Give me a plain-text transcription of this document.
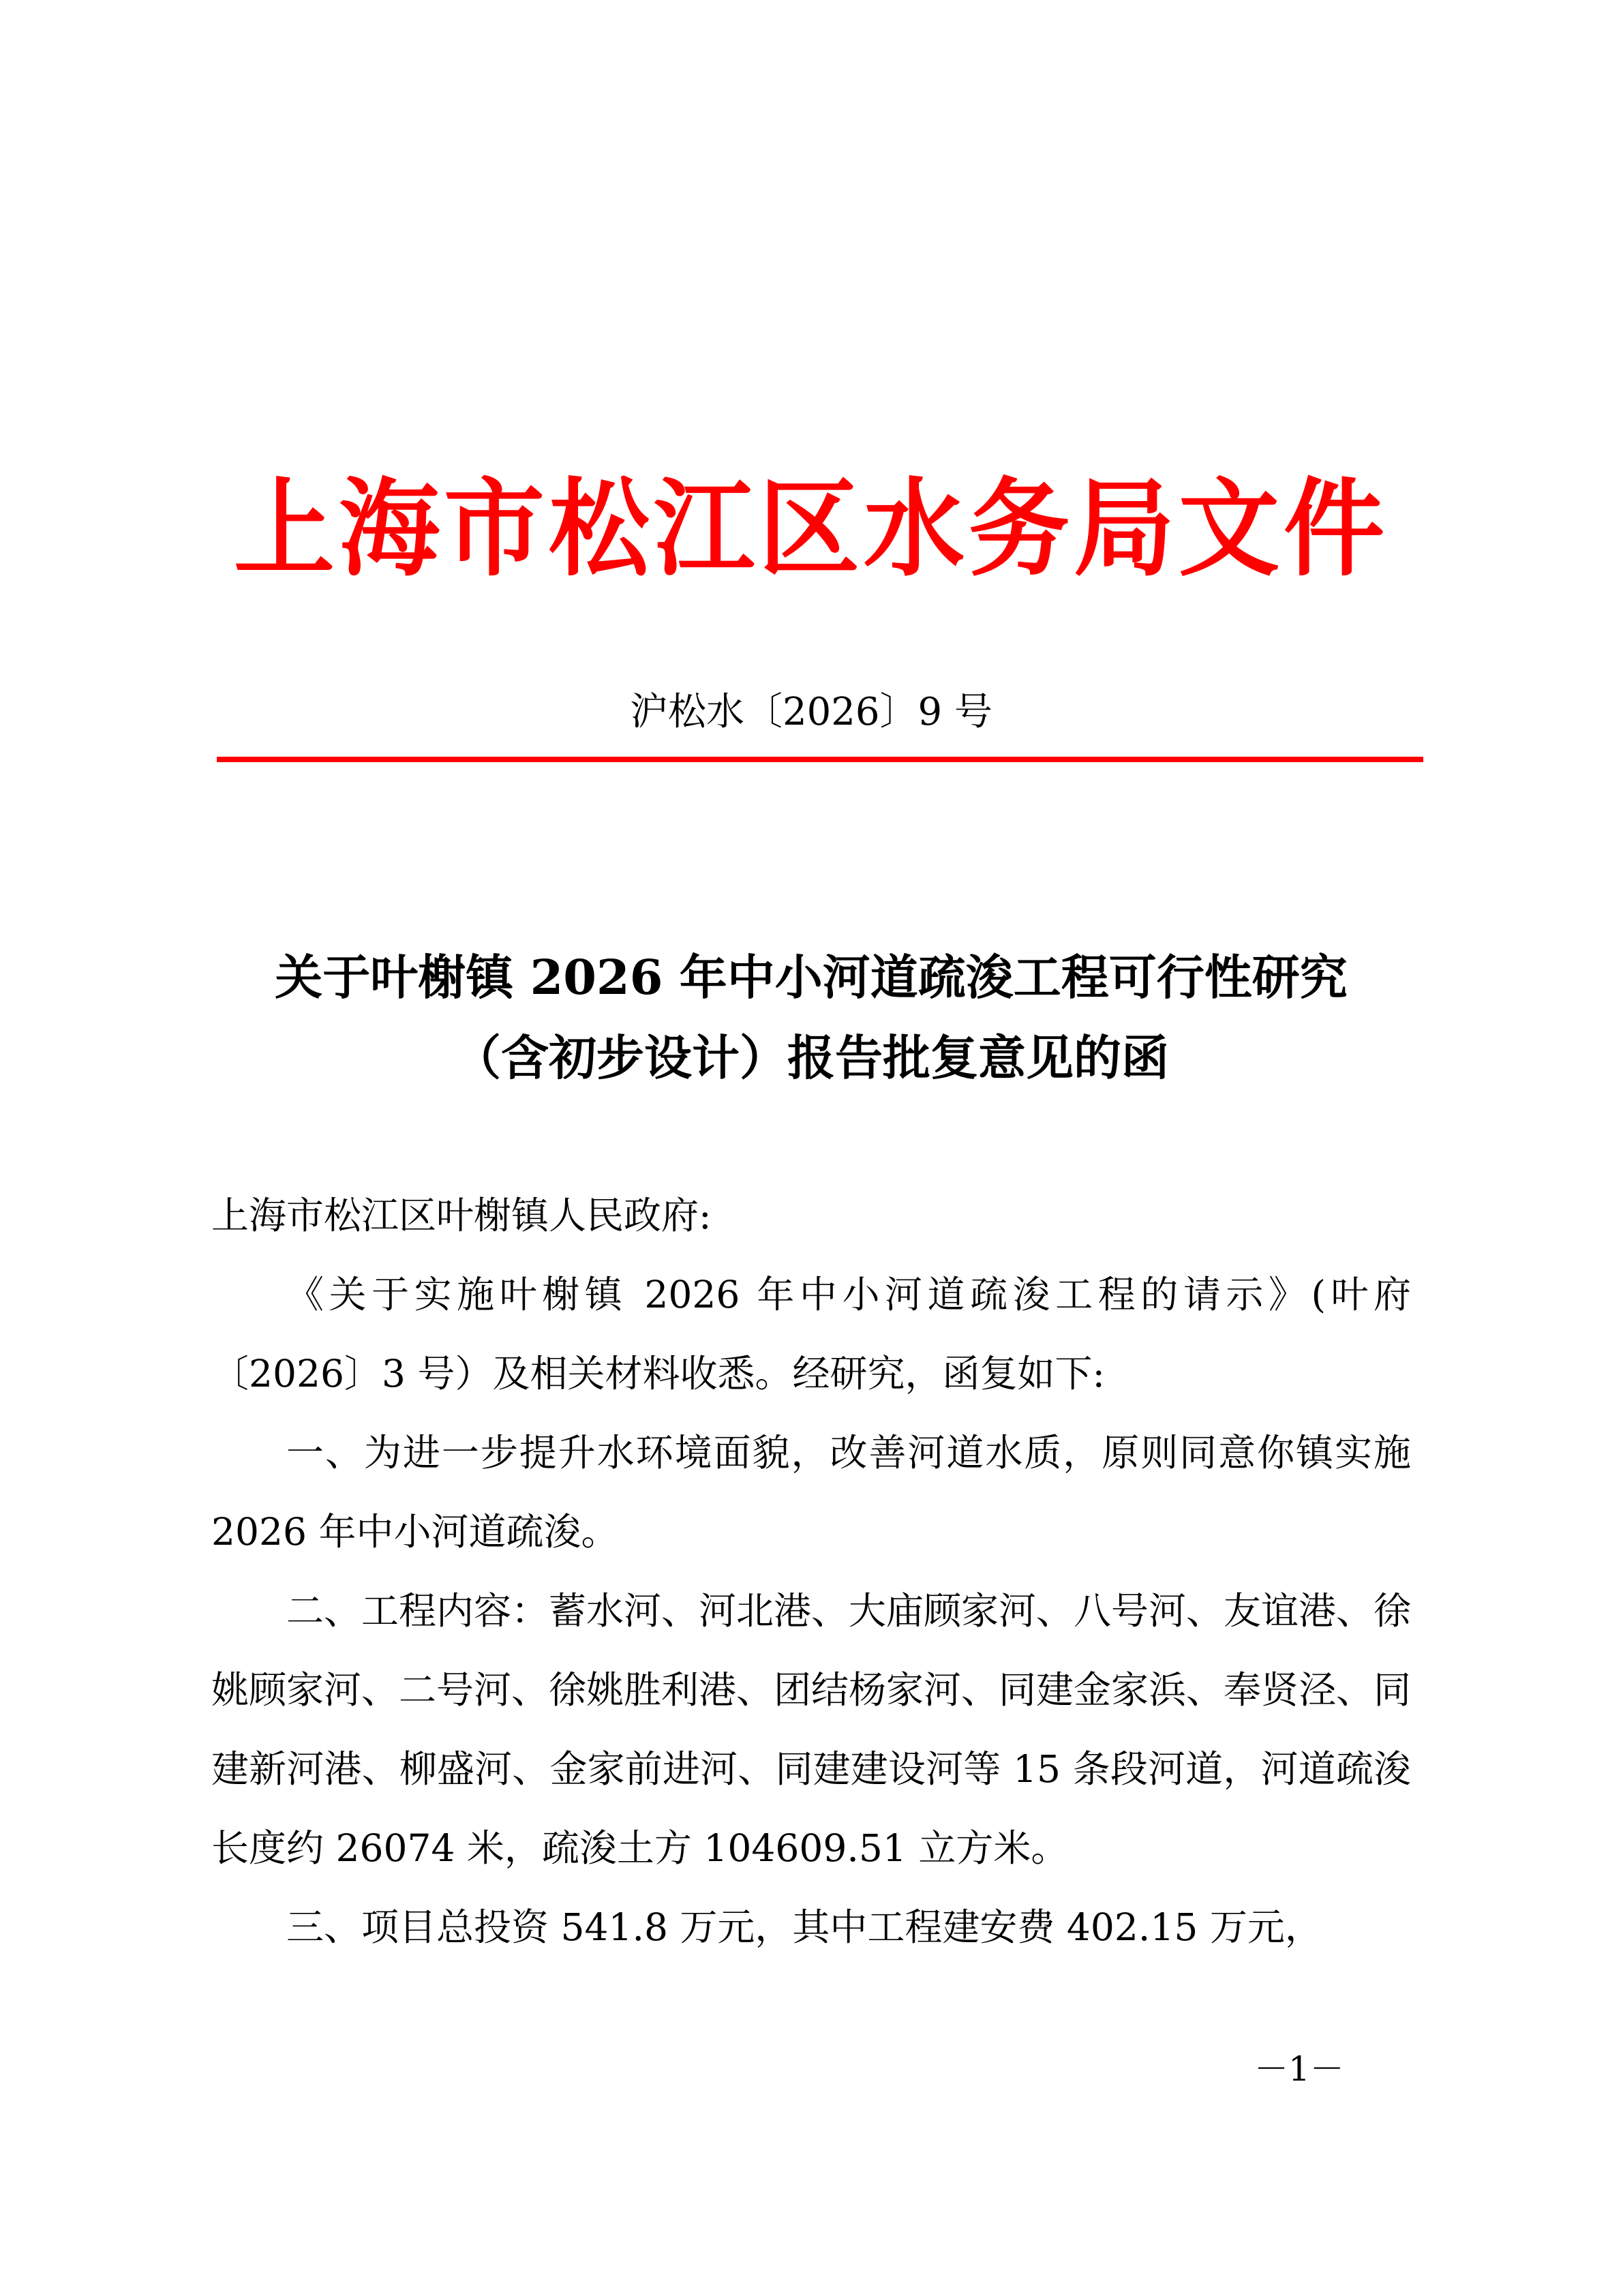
上海市松江区水务局文件
沪松水〔2026〕9 号
关于叶榭镇 2026 年中小河道疏浚工程可行性研究
（含初步设计）报告批复意见的函

上海市松江区叶榭镇人民政府:

《关于实施叶榭镇 2026 年中小河道疏浚工程的请示》(叶府〔2026〕3 号）及相关材料收悉。经研究，函复如下:

一、为进一步提升水环境面貌，改善河道水质，原则同意你镇实施 2026 年中小河道疏浚。

二、工程内容：蓄水河、河北港、大庙顾家河、八号河、友谊港、徐姚顾家河、二号河、徐姚胜利港、团结杨家河、同建金家浜、奉贤泾、同建新河港、柳盛河、金家前进河、同建建设河等 15 条段河道，河道疏浚长度约 26074 米，疏浚土方 104609.51 立方米。

三、项目总投资 541.8 万元，其中工程建安费 402.15 万元，

－1－
